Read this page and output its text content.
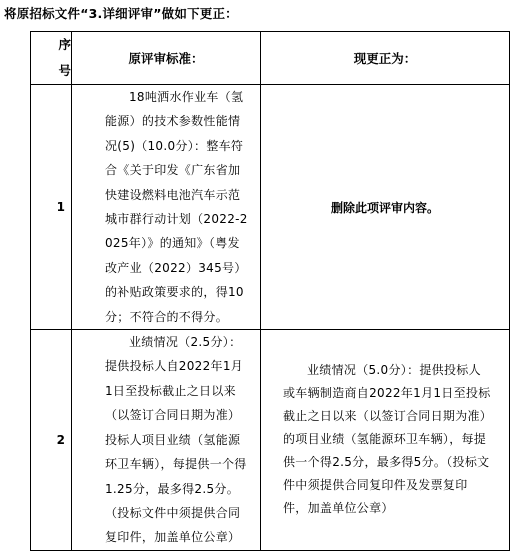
将原招标文件“3.详细评审”做如下更正：
序
号	原评审标准：	现更正为：
1	18吨洒水作业车（氢能源）的技术参数性能情况(5)（10.0分）：整车符合《关于印发《广东省加快建设燃料电池汽车示范城市群行动计划（2022-2025年）》的通知》（粤发改产业（2022）345号）的补贴政策要求的，得10分；不符合的不得分。	删除此项评审内容。
2	业绩情况（2.5分）：提供投标人自2022年1月1日至投标截止之日以来（以签订合同日期为准）投标人项目业绩（氢能源环卫车辆），每提供一个得1.25分，最多得2.5分。（投标文件中须提供合同复印件，加盖单位公章）	业绩情况（5.0分）：提供投标人或车辆制造商自2022年1月1日至投标截止之日以来（以签订合同日期为准）的项目业绩（氢能源环卫车辆），每提供一个得2.5分，最多得5分。（投标文件中须提供合同复印件及发票复印件，加盖单位公章）
